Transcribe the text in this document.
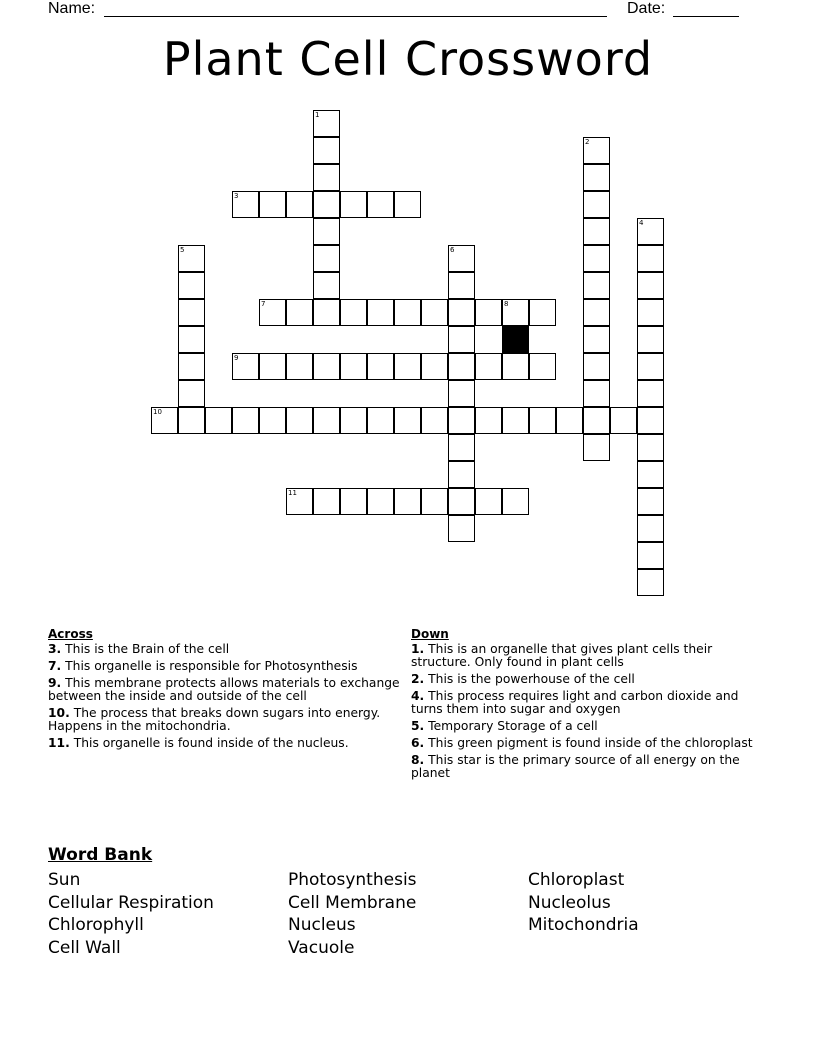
Name:	Date:
Plant Cell Crossword
1
2
3
4
5	6
7	8
9
10
11
Across
3. This is the Brain of the cell
7. This organelle is responsible for Photosynthesis
9. This membrane protects allows materials to exchange between the inside and outside of the cell
10. The process that breaks down sugars into energy. Happens in the mitochondria.
11. This organelle is found inside of the nucleus.
Down
1. This is an organelle that gives plant cells their structure. Only found in plant cells
2. This is the powerhouse of the cell
4. This process requires light and carbon dioxide and turns them into sugar and oxygen
5. Temporary Storage of a cell
6. This green pigment is found inside of the chloroplast
8. This star is the primary source of all energy on the planet
Word Bank
Sun	Photosynthesis	Chloroplast
Cellular Respiration	Cell Membrane	Nucleolus
Chlorophyll	Nucleus	Mitochondria
Cell Wall	Vacuole
